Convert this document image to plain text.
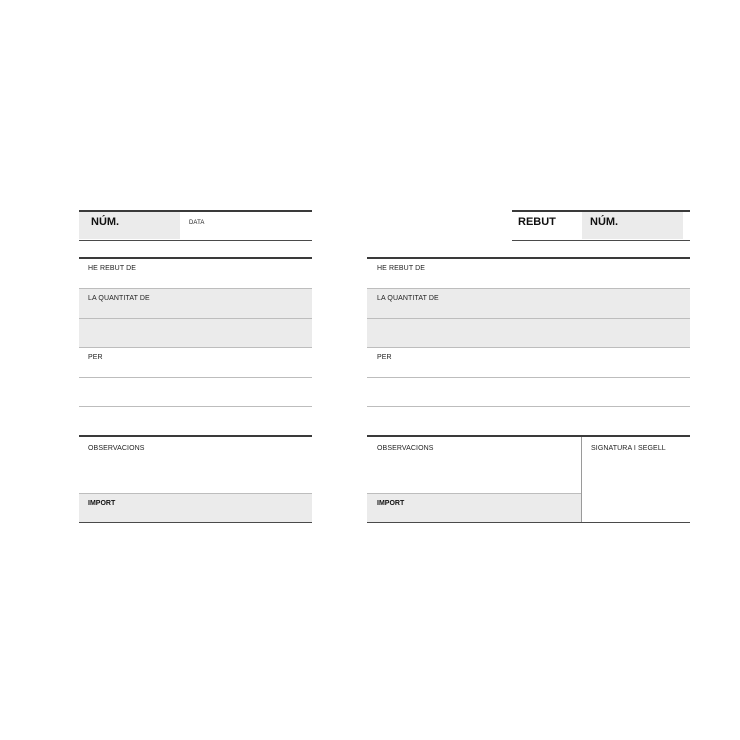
NÚM.	DATA
HE REBUT DE
LA QUANTITAT DE
PER
OBSERVACIONS
IMPORT
REBUT	NÚM.
HE REBUT DE
LA QUANTITAT DE
PER
OBSERVACIONS
IMPORT
SIGNATURA I SEGELL
